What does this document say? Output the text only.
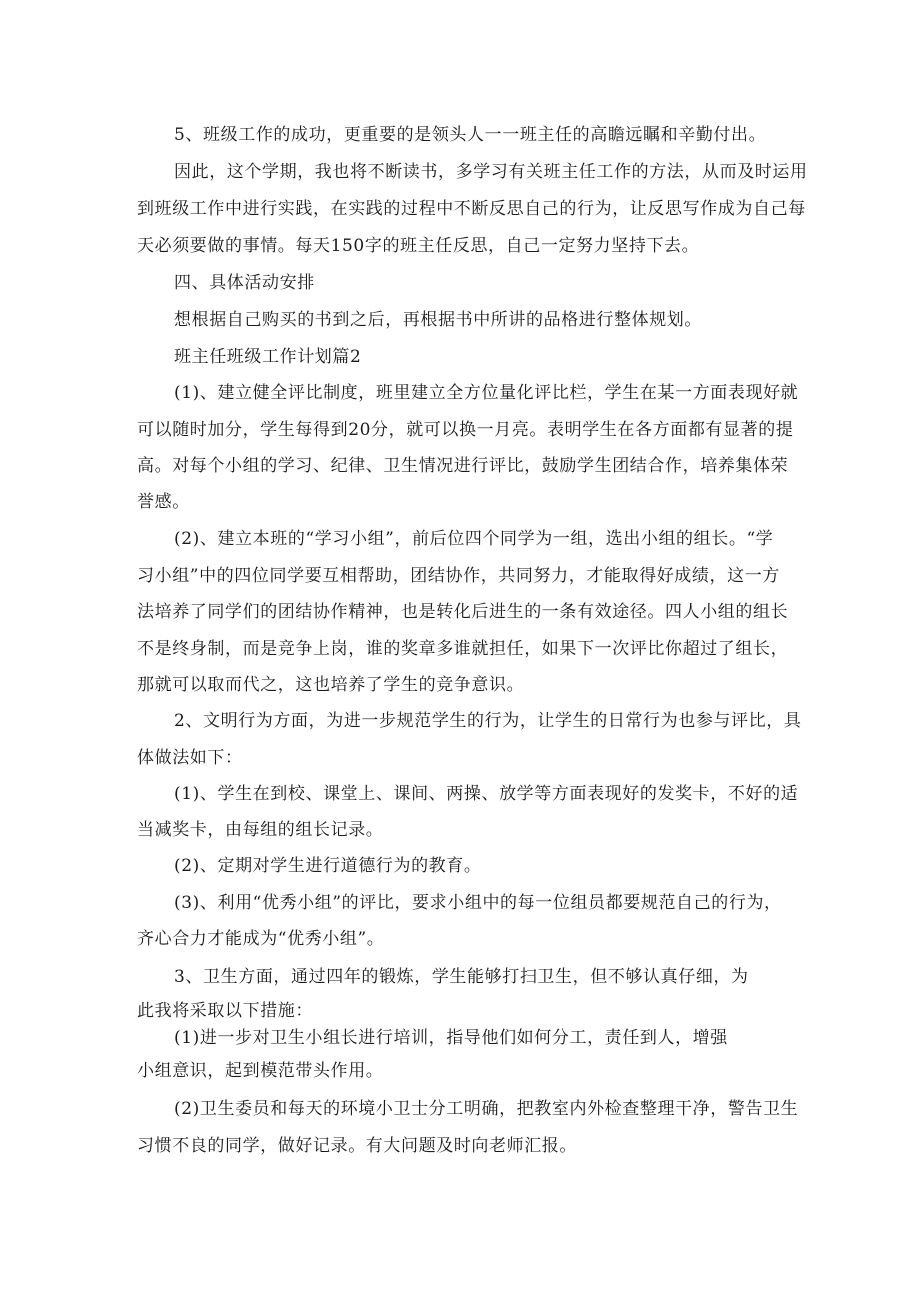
5、班级工作的成功，更重要的是领头人一一班主任的高瞻远瞩和辛勤付出。
因此，这个学期，我也将不断读书，多学习有关班主任工作的方法，从而及时运用
到班级工作中进行实践，在实践的过程中不断反思自己的行为，让反思写作成为自己每
天必须要做的事情。每天150字的班主任反思，自己一定努力坚持下去。
四、具体活动安排
想根据自己购买的书到之后，再根据书中所讲的品格进行整体规划。
班主任班级工作计划篇2
(1)、建立健全评比制度，班里建立全方位量化评比栏，学生在某一方面表现好就
可以随时加分，学生每得到20分，就可以换一月亮。表明学生在各方面都有显著的提
高。对每个小组的学习、纪律、卫生情况进行评比，鼓励学生团结合作，培养集体荣
誉感。
(2)、建立本班的“学习小组”，前后位四个同学为一组，选出小组的组长。“学
习小组”中的四位同学要互相帮助，团结协作，共同努力，才能取得好成绩，这一方
法培养了同学们的团结协作精神，也是转化后进生的一条有效途径。四人小组的组长
不是终身制，而是竞争上岗，谁的奖章多谁就担任，如果下一次评比你超过了组长，
那就可以取而代之，这也培养了学生的竞争意识。
2、文明行为方面，为进一步规范学生的行为，让学生的日常行为也参与评比，具
体做法如下：
(1)、学生在到校、课堂上、课间、两操、放学等方面表现好的发奖卡，不好的适
当减奖卡，由每组的组长记录。
(2)、定期对学生进行道德行为的教育。
(3)、利用“优秀小组”的评比，要求小组中的每一位组员都要规范自己的行为，
齐心合力才能成为“优秀小组”。
3、卫生方面，通过四年的锻炼，学生能够打扫卫生，但不够认真仔细，为
此我将采取以下措施：
(1)进一步对卫生小组长进行培训，指导他们如何分工，责任到人，增强
小组意识，起到模范带头作用。
(2)卫生委员和每天的环境小卫士分工明确，把教室内外检查整理干净，警告卫生
习惯不良的同学，做好记录。有大问题及时向老师汇报。
